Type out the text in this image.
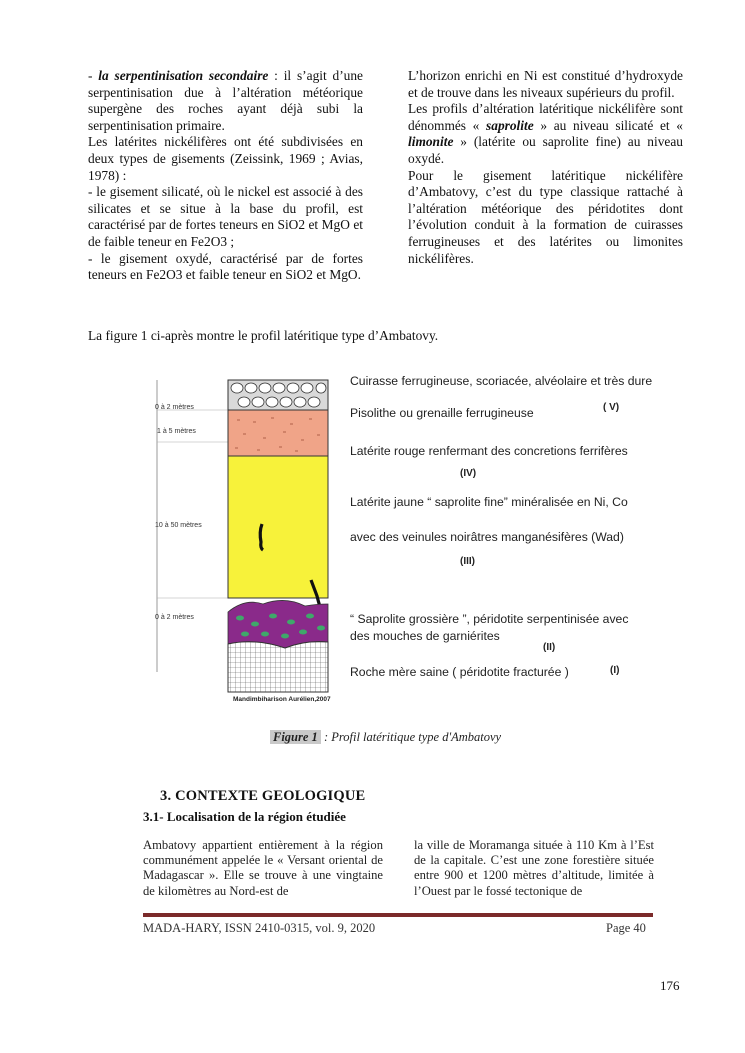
- la serpentinisation secondaire : il s’agit d’une serpentinisation due à l’altération météorique supergène des roches ayant déjà subi la serpentinisation primaire.

Les latérites nickélifères ont été subdivisées en deux types de gisements (Zeissink, 1969 ; Avias, 1978) :

- le gisement silicaté, où le nickel est associé à des silicates et se situe à la base du profil, est caractérisé par de fortes teneurs en SiO2 et MgO et de faible teneur en Fe2O3 ;

- le gisement oxydé, caractérisé par de fortes teneurs en Fe2O3 et faible teneur en SiO2 et MgO.

L’horizon enrichi en Ni est constitué d’hydroxyde et de trouve dans les niveaux supérieurs du profil.

Les profils d’altération latéritique nickélifère sont dénommés « saprolite » au niveau silicaté et « limonite » (latérite ou saprolite fine) au niveau oxydé.

Pour le gisement latéritique nickélifère d’Ambatovy, c’est du type classique rattaché à l’altération météorique des péridotites dont l’évolution conduit à la formation de cuirasses ferrugineuses et des latérites ou limonites nickélifères.

La figure 1 ci-après montre le profil latéritique type d’Ambatovy.
0 à 2 mètres
1 à 5 mètres
10 à 50 mètres
0 à 2 mètres
Cuirasse ferrugineuse, scoriacée, alvéolaire et très dure
Pisolithe ou grenaille ferrugineuse	( V)
Latérite rouge renfermant des concretions ferrifères
(IV)
Latérite jaune “ saprolite fine” minéralisée en Ni, Co
avec des veinules noirâtres manganésifères (Wad)
(III)
“ Saprolite grossière ”, péridotite serpentinisée avec
des mouches de garniérites
(II)
Roche mère saine ( péridotite fracturée )	(I)
Mandimbiharison Aurélien,2007
Figure 1 : Profil latéritique type d'Ambatovy
3. CONTEXTE GEOLOGIQUE
3.1- Localisation de la région étudiée

Ambatovy appartient entièrement à la région communément appelée le « Versant oriental de Madagascar ». Elle se trouve à une vingtaine de kilomètres au Nord-est de

la ville de Moramanga située à 110 Km à l’Est de la capitale. C’est une zone forestière située entre 900 et 1200 mètres d’altitude, limitée à l’Ouest par le fossé tectonique de

MADA-HARY, ISSN 2410-0315, vol. 9, 2020	Page 40
176
